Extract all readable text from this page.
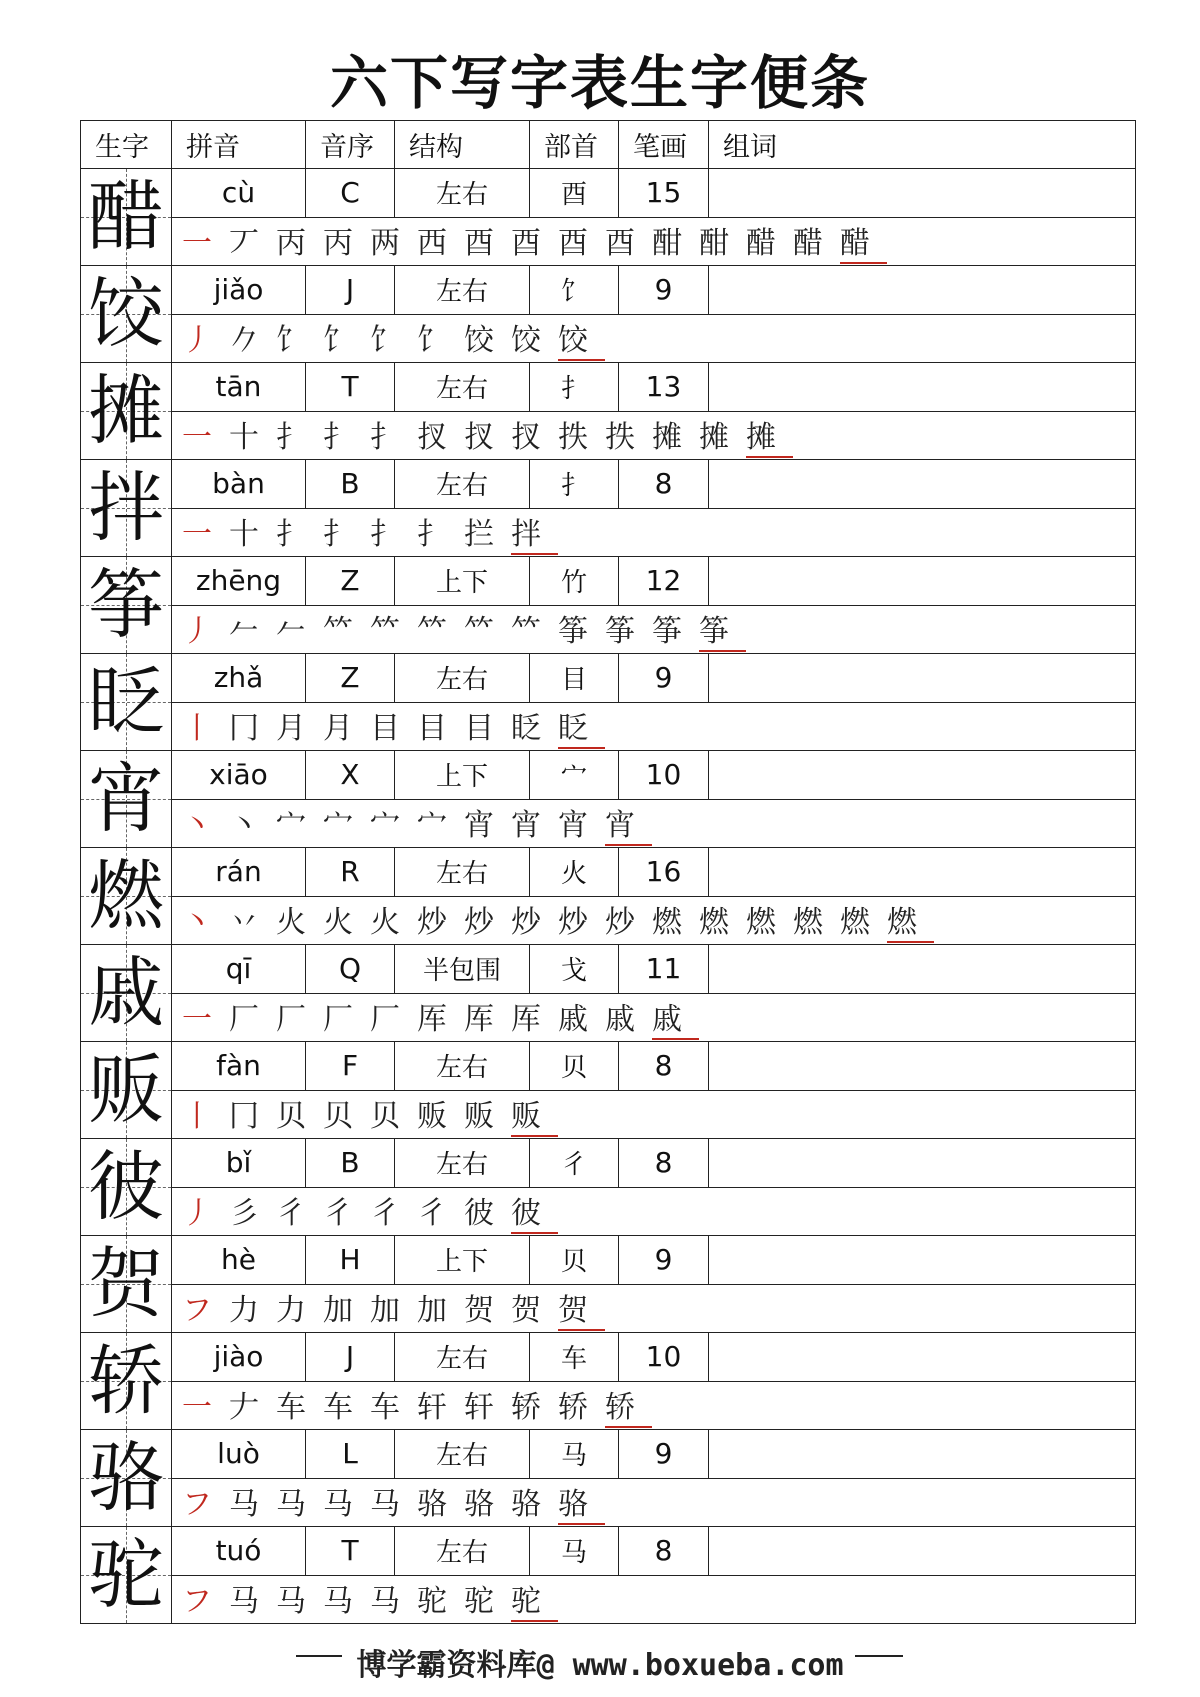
六下写字表生字便条
生字	拼音	音序	结构	部首	笔画	组词

醋	cù	C	左右	酉	15	
	一 丆 丙 丙 两 西 酉 酉 酉 酉 酣 酣 醋 醋 醋					

饺	jiǎo	J	左右	饣	9	
	丿 𠂊 饣 饣 饣 饣 饺 饺 饺					

摊	tān	T	左右	扌	13	
	一 十 扌 扌 扌 扠 扠 扠 抶 抶 摊 摊 摊					

拌	bàn	B	左右	扌	8	
	一 十 扌 扌 扌 扌 拦 拌					

筝	zhēng	Z	上下	竹	12	
	丿 𠂉 𠂉 𥫗 𥫗 𥫗 𥫗 𥫗 筝 筝 筝 筝					

眨	zhǎ	Z	左右	目	9	
	丨 冂 月 月 目 目 目 眨 眨					

宵	xiāo	X	上下	宀	10	
	丶 丶 宀 宀 宀 宀 宵 宵 宵 宵					

燃	rán	R	左右	火	16	
	丶 丷 火 火 火 炒 炒 炒 炒 炒 燃 燃 燃 燃 燃 燃					

戚	qī	Q	半包围	戈	11	
	一 厂 厂 厂 厂 厍 厍 厍 戚 戚 戚					

贩	fàn	F	左右	贝	8	
	丨 冂 贝 贝 贝 贩 贩 贩					

彼	bǐ	B	左右	彳	8	
	丿 彡 彳 彳 彳 彳 彼 彼					

贺	hè	H	上下	贝	9	
	フ 力 力 加 加 加 贺 贺 贺					

轿	jiào	J	左右	车	10	
	一 𠂇 车 车 车 轩 轩 轿 轿 轿					

骆	luò	L	左右	马	9	
	フ 马 马 马 马 骆 骆 骆 骆					

驼	tuó	T	左右	马	8	
	フ 马 马 马 马 驼 驼 驼					
博学霸资料库@ www.boxueba.com
